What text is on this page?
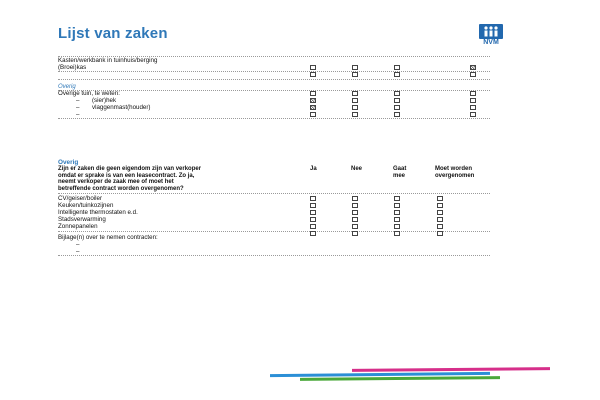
Lijst van zaken
NVM
Kasten/werkbank in tuinhuis/berging
(Broei)kas
Overig
Overige tuin, te weten:
– (sier)hek
– vlaggenmast(houder)
–
Overig
Zijn er zaken die geen eigendom zijn van verkoper
omdat er sprake is van een leasecontract. Zo ja,
neemt verkoper de zaak mee of moet het
betreffende contract worden overgenomen?
Ja	Nee	Gaat
mee
Moet worden
overgenomen
CV/geiser/boiler
Keuken/tuinkozijnen
Intelligente thermostaten e.d.
Stadsverwarming
Zonnepanelen
Bijlage(n) over te nemen contracten:
–
–
